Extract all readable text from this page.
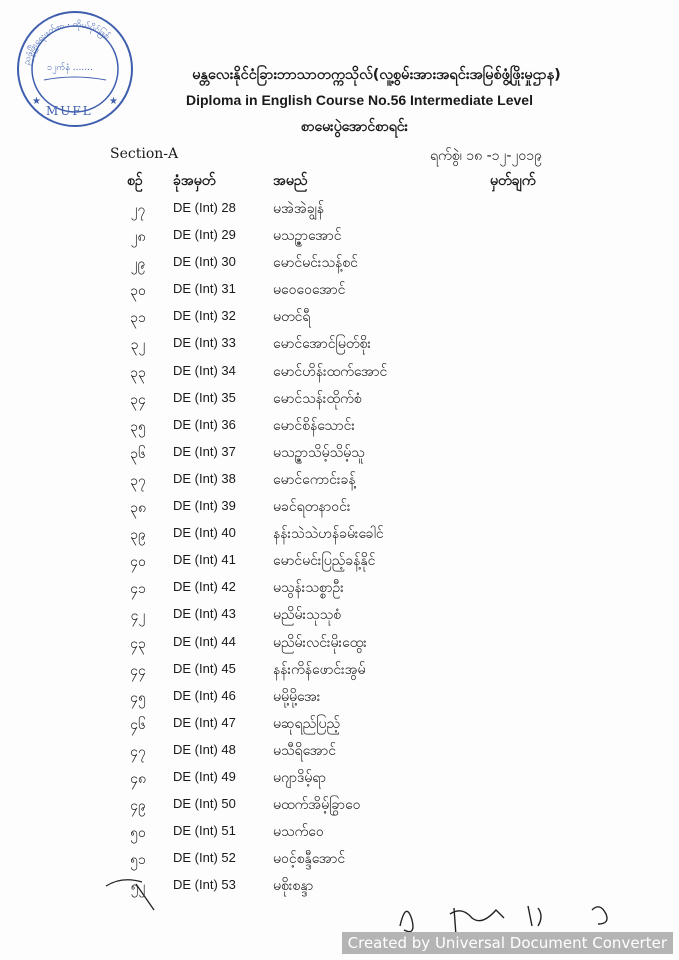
ညဖွံ့ဖြိုးရေးဖတ်စာ · ကိုယ်ပိုင်ဖြစ်
၁၂က်နံ .......
★	★
MUFL
မန္တလေးနိုင်ငံခြားဘာသာတက္ကသိုလ်(လူ့စွမ်းအားအရင်းအမြစ်ဖွံ့ဖြိုးမှုဌာန)
Diploma in English Course No.56 Intermediate Level
စာမေးပွဲအောင်စာရင်း
Section-A	ရက်စွဲ၊ ၁၈ -၁၂-၂၀၁၉
စဉ် ခုံအမှတ်	အမည်	မှတ်ချက်
၂၇	DE (Int) 28	မအဲအဲချွန်
၂၈	DE (Int) 29	မသဥ္ဇာအောင်
၂၉	DE (Int) 30	မောင်မင်းသန့်စင်
၃၀	DE (Int) 31	မဝေဝေအောင်
၃၁	DE (Int) 32	မတင်ရီ
၃၂	DE (Int) 33	မောင်အောင်မြတ်စိုး
၃၃	DE (Int) 34	မောင်ဟိန်းထက်အောင်
၃၄	DE (Int) 35	မောင်သန်းထိုက်စံ
၃၅	DE (Int) 36	မောင်စိန်သောင်း
၃၆	DE (Int) 37	မသဥ္ဇာသိမ့်သိမ့်သူ
၃၇	DE (Int) 38	မောင်ကောင်းခန့်
၃၈	DE (Int) 39	မခင်ရတနာဝင်း
၃၉	DE (Int) 40	နန်းသဲသဲဟန်ခမ်းခေါင်
၄၀	DE (Int) 41	မောင်မင်းပြည့်ခန့်နိုင်
၄၁	DE (Int) 42	မသွန်းသစ္စာဦး
၄၂	DE (Int) 43	မညိမ်းသုသုစံ
၄၃	DE (Int) 44	မညိမ်းလင်းမိုးထွေး
၄၄	DE (Int) 45	နန်းကိန်ဖောင်းအွမ်
၄၅	DE (Int) 46	မမို့မို့အေး
၄၆	DE (Int) 47	မဆုရည်ပြည့်
၄၇	DE (Int) 48	မသီရိအောင်
၄၈	DE (Int) 49	မဂျာဒိမ့်ရာ
၄၉	DE (Int) 50	မထက်အိမ့်ခြွာဝေ
၅၀	DE (Int) 51	မသက်ဝေ
၅၁	DE (Int) 52	မဝင့်စန္ဒီအောင်
၅၂	DE (Int) 53	မစိုးစန္ဒာ
Created by Universal Document Converter
